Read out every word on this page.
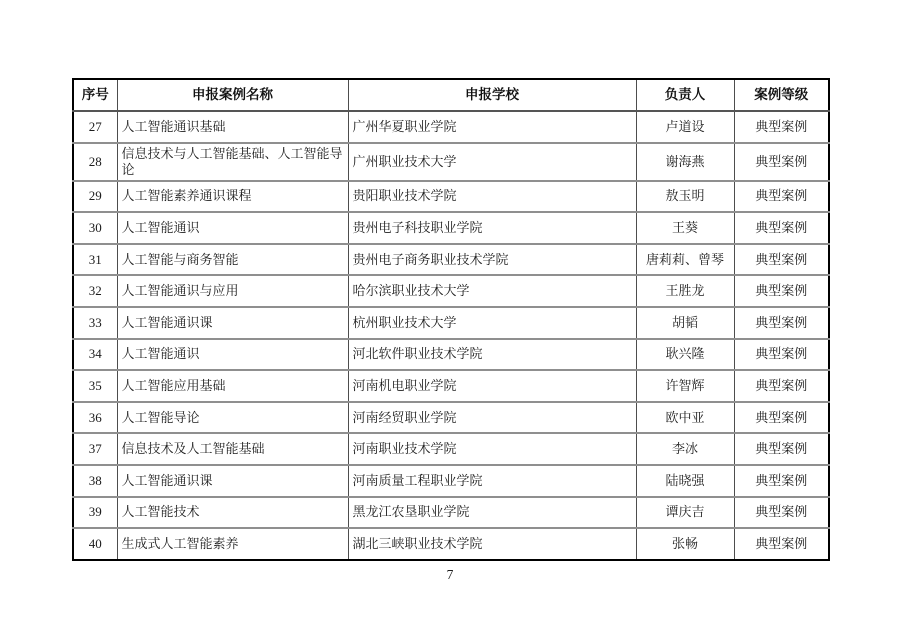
序号	申报案例名称	申报学校	负责人	案例等级
27	人工智能通识基础	广州华夏职业学院	卢道设	典型案例
28	信息技术与人工智能基础、人工智能导论	广州职业技术大学	谢海燕	典型案例
29	人工智能素养通识课程	贵阳职业技术学院	敖玉明	典型案例
30	人工智能通识	贵州电子科技职业学院	王葵	典型案例
31	人工智能与商务智能	贵州电子商务职业技术学院	唐莉莉、曾琴	典型案例
32	人工智能通识与应用	哈尔滨职业技术大学	王胜龙	典型案例
33	人工智能通识课	杭州职业技术大学	胡韬	典型案例
34	人工智能通识	河北软件职业技术学院	耿兴隆	典型案例
35	人工智能应用基础	河南机电职业学院	许智辉	典型案例
36	人工智能导论	河南经贸职业学院	欧中亚	典型案例
37	信息技术及人工智能基础	河南职业技术学院	李冰	典型案例
38	人工智能通识课	河南质量工程职业学院	陆晓强	典型案例
39	人工智能技术	黑龙江农垦职业学院	谭庆吉	典型案例
40	生成式人工智能素养	湖北三峡职业技术学院	张畅	典型案例
7
